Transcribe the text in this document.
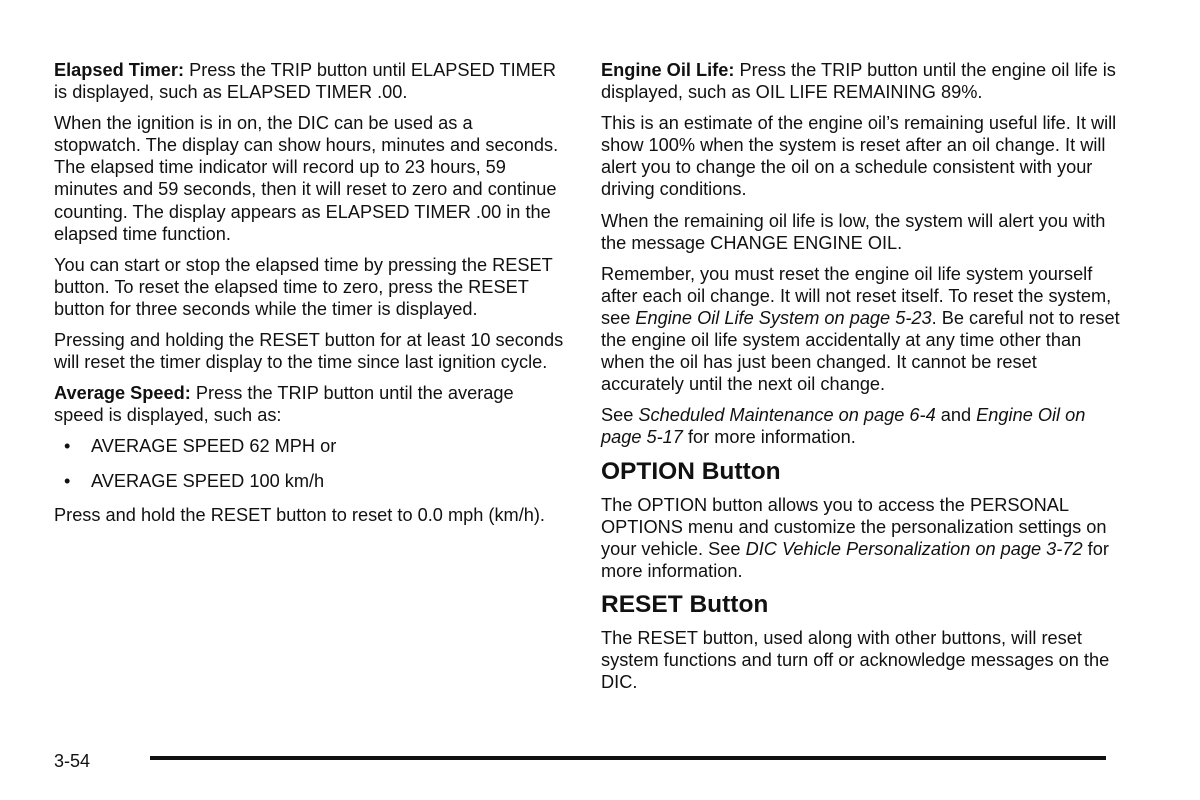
Elapsed Timer: Press the TRIP button until ELAPSED TIMER is displayed, such as ELAPSED TIMER .00.

When the ignition is in on, the DIC can be used as a stopwatch. The display can show hours, minutes and seconds. The elapsed time indicator will record up to 23 hours, 59 minutes and 59 seconds, then it will reset to zero and continue counting. The display appears as ELAPSED TIMER .00 in the elapsed time function.

You can start or stop the elapsed time by pressing the RESET button. To reset the elapsed time to zero, press the RESET button for three seconds while the timer is displayed.

Pressing and holding the RESET button for at least 10 seconds will reset the timer display to the time since last ignition cycle.

Average Speed: Press the TRIP button until the average speed is displayed, such as:

• AVERAGE SPEED 62 MPH or
• AVERAGE SPEED 100 km/h

Press and hold the RESET button to reset to 0.0 mph (km/h).

Engine Oil Life: Press the TRIP button until the engine oil life is displayed, such as OIL LIFE REMAINING 89%.

This is an estimate of the engine oil’s remaining useful life. It will show 100% when the system is reset after an oil change. It will alert you to change the oil on a schedule consistent with your driving conditions.

When the remaining oil life is low, the system will alert you with the message CHANGE ENGINE OIL.

Remember, you must reset the engine oil life system yourself after each oil change. It will not reset itself. To reset the system, see Engine Oil Life System on page 5-23. Be careful not to reset the engine oil life system accidentally at any time other than when the oil has just been changed. It cannot be reset accurately until the next oil change.

See Scheduled Maintenance on page 6-4 and Engine Oil on page 5-17 for more information.

OPTION Button

The OPTION button allows you to access the PERSONAL OPTIONS menu and customize the personalization settings on your vehicle. See DIC Vehicle Personalization on page 3-72 for more information.

RESET Button

The RESET button, used along with other buttons, will reset system functions and turn off or acknowledge messages on the DIC.

3-54
